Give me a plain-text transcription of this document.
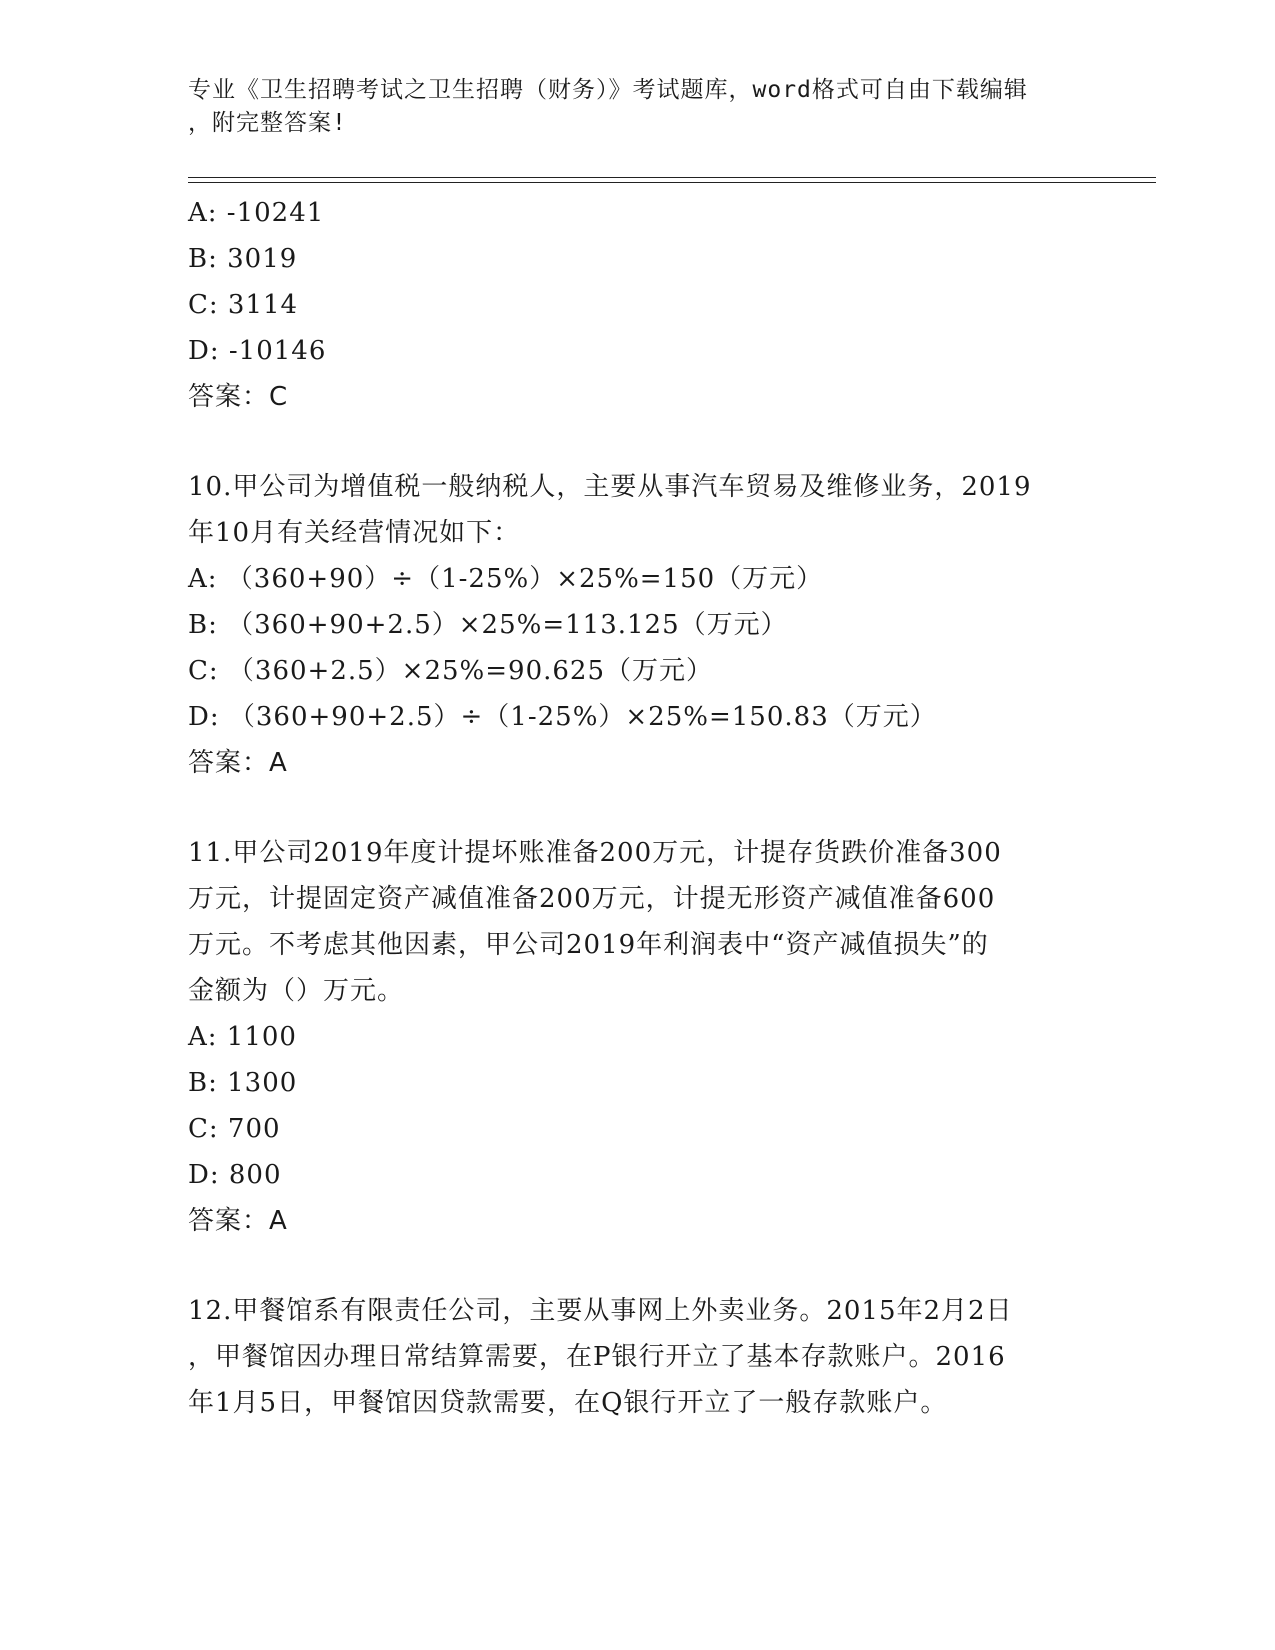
专业《卫生招聘考试之卫生招聘（财务）》考试题库，word格式可自由下载编辑
，附完整答案!
A: -10241
B: 3019
C: 3114
D: -10146
答案：C
10.甲公司为增值税一般纳税人，主要从事汽车贸易及维修业务，2019
年10月有关经营情况如下：
A: （360+90）÷（1-25%）×25%=150（万元）
B: （360+90+2.5）×25%=113.125（万元）
C: （360+2.5）×25%=90.625（万元）
D: （360+90+2.5）÷（1-25%）×25%=150.83（万元）
答案：A
11.甲公司2019年度计提坏账准备200万元，计提存货跌价准备300
万元，计提固定资产减值准备200万元，计提无形资产减值准备600
万元。不考虑其他因素，甲公司2019年利润表中“资产减值损失”的
金额为（）万元。
A: 1100
B: 1300
C: 700
D: 800
答案：A
12.甲餐馆系有限责任公司，主要从事网上外卖业务。2015年2月2日
，甲餐馆因办理日常结算需要，在P银行开立了基本存款账户。2016
年1月5日，甲餐馆因贷款需要，在Q银行开立了一般存款账户。
